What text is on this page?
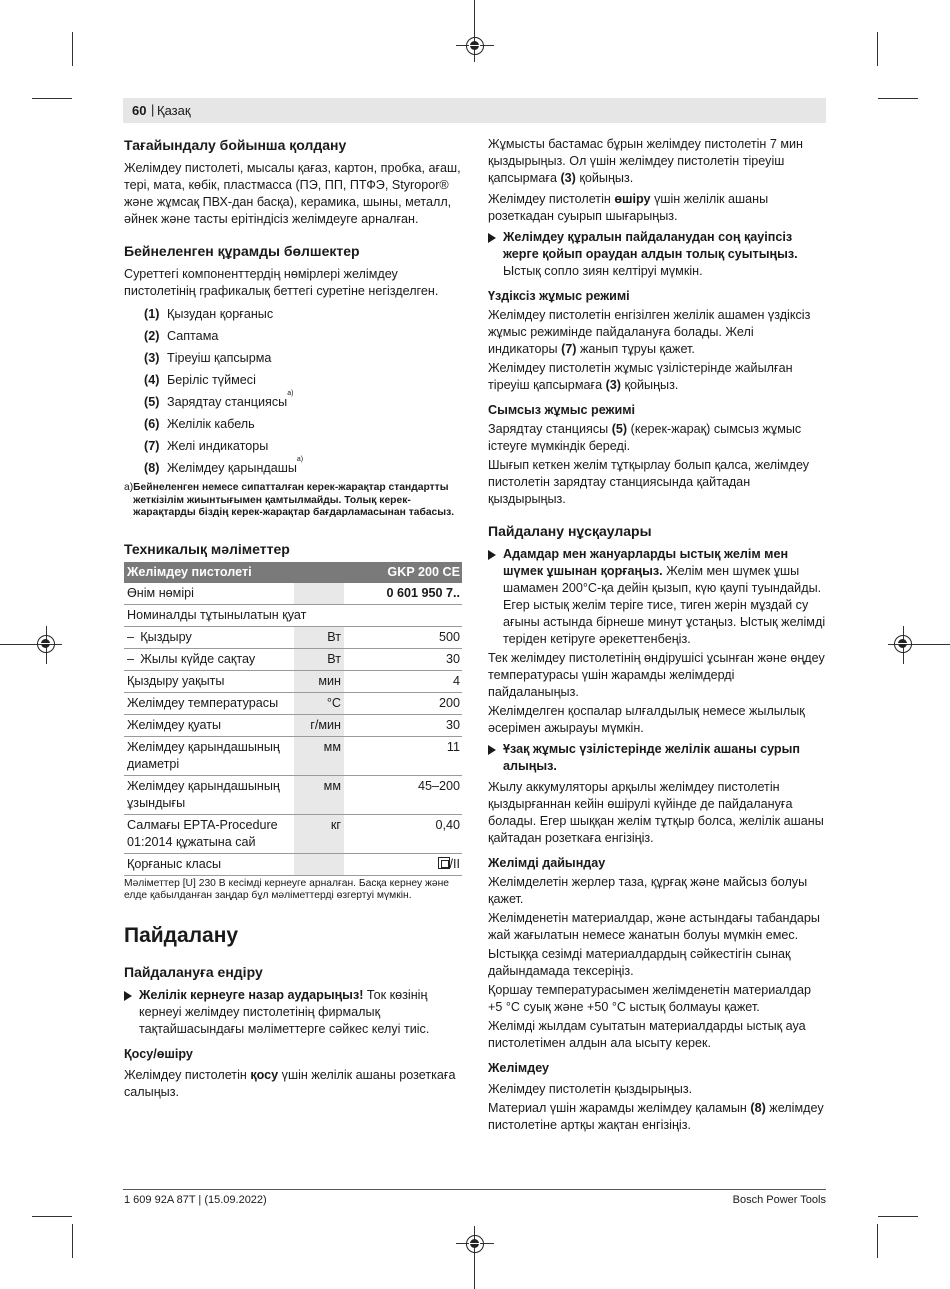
60 | Қазақ
Тағайындалу бойынша қолдану

Желімдеу пистолеті, мысалы қағаз, картон, пробка, ағаш, тері, мата, көбік, пластмасса (ПЭ, ПП, ПТФЭ, Styropor® және жұмсақ ПВХ-дан басқа), керамика, шыны, металл, әйнек және тасты ерітіндісіз желімдеуге арналған.

Бейнеленген құрамды бөлшектер

Суреттегі компоненттердің нөмірлері желімдеу пистолетінің графикалық беттегі суретіне негізделген.

(1) Қызудан қорғаныс
(2) Саптама
(3) Тіреуіш қапсырма
(4) Беріліс түймесі
(5) Зарядтау станциясы
a)
(6) Желілік кабель
(7) Желі индикаторы
(8) Желімдеу қарындашы
a)
a) Бейнеленген немесе сипатталған керек-жарақтар стандартты жеткізілім жиынтығымен қамтылмайды. Толық керек-жарақтарды біздің керек-жарақтар бағдарламасынан табасыз.
Техникалық мәліметтер
Желімдеу пистолеті		GKP 200 CE
Өнім нөмірі		0 601 950 7..
Номиналды тұтынылатын қуат		
– Қыздыру	Вт	500
– Жылы күйде сақтау	Вт	30
Қыздыру уақыты	мин	4
Желімдеу температурасы	°C	200
Желімдеу қуаты	г/мин	30
Желімдеу қарындашының диаметрі	мм	11
Желімдеу қарындашының ұзындығы	мм	45–200
Салмағы EPTA-Procedure 01:2014 құжатына сай	кг	0,40
Қорғаныс класы		/II

Мәліметтер [U] 230 В кесімді кернеуге арналған. Басқа кернеу және елде қабылданған заңдар бұл мәліметтерді өзгертуі мүмкін.

Пайдалану
Пайдалануға ендіру

Желілік кернеуге назар аударыңыз! Ток көзінің кернеуі желімдеу пистолетінің фирмалық тақтайшасындағы мәліметтерге сәйкес келуі тиіс.

Қосу/өшіру

Желімдеу пистолетін қосу үшін желілік ашаны розеткаға салыңыз.

Жұмысты бастамас бұрын желімдеу пистолетін 7 мин қыздырыңыз. Ол үшін желімдеу пистолетін тіреуіш қапсырмаға (3) қойыңыз.

Желімдеу пистолетін өшіру үшін желілік ашаны розеткадан суырып шығарыңыз.

Желімдеу құралын пайдаланудан соң қауіпсіз жерге қойып ораудан алдын толық суытыңыз. Ыстық сопло зиян келтіруі мүмкін.

Үздіксіз жұмыс режимі

Желімдеу пистолетін енгізілген желілік ашамен үздіксіз жұмыс режимінде пайдалануға болады. Желі индикаторы (7) жанып тұруы қажет.

Желімдеу пистолетін жұмыс үзілістерінде жайылған тіреуіш қапсырмаға (3) қойыңыз.

Сымсыз жұмыс режимі

Зарядтау станциясы (5) (керек-жарақ) сымсыз жұмыс істеуге мүмкіндік береді.

Шығып кеткен желім тұтқырлау болып қалса, желімдеу пистолетін зарядтау станциясында қайтадан қыздырыңыз.

Пайдалану нұсқаулары

Адамдар мен жануарларды ыстық желім мен шүмек ұшынан қорғаңыз. Желім мен шүмек ұшы шамамен 200°C-қа дейін қызып, күю қаупі туындайды. Егер ыстық желім теріге тисе, тиген жерін мұздай су ағыны астында бірнеше минут ұстаңыз. Ыстық желімді теріден кетіруге әрекеттенбеңіз.

Тек желімдеу пистолетінің өндірушісі ұсынған және өңдеу температурасы үшін жарамды желімдерді пайдаланыңыз.

Желімделген қоспалар ылғалдылық немесе жылылық әсерімен ажырауы мүмкін.

Ұзақ жұмыс үзілістерінде желілік ашаны сурып алыңыз.

Жылу аккумуляторы арқылы желімдеу пистолетін қыздырғаннан кейін өшірулі күйінде де пайдалануға болады. Егер шыққан желім тұтқыр болса, желілік ашаны қайтадан розеткаға енгізіңіз.

Желімді дайындау

Желімделетін жерлер таза, құрғақ және майсыз болуы қажет.

Желімденетін материалдар, және астындағы табандары жай жағылатын немесе жанатын болуы мүмкін емес.

Ыстыққа сезімді материалдардың сәйкестігін сынақ дайындамада тексеріңіз.

Қоршау температурасымен желімденетін материалдар +5 °C суық және +50 °C ыстық болмауы қажет.

Желімді жылдам суытатын материалдарды ыстық ауа пистолетімен алдын ала ысыту керек.

Желімдеу

Желімдеу пистолетін қыздырыңыз.

Материал үшін жарамды желімдеу қаламын (8) желімдеу пистолетіне артқы жақтан енгізіңіз.

1 609 92A 87T | (15.09.2022)	Bosch Power Tools
